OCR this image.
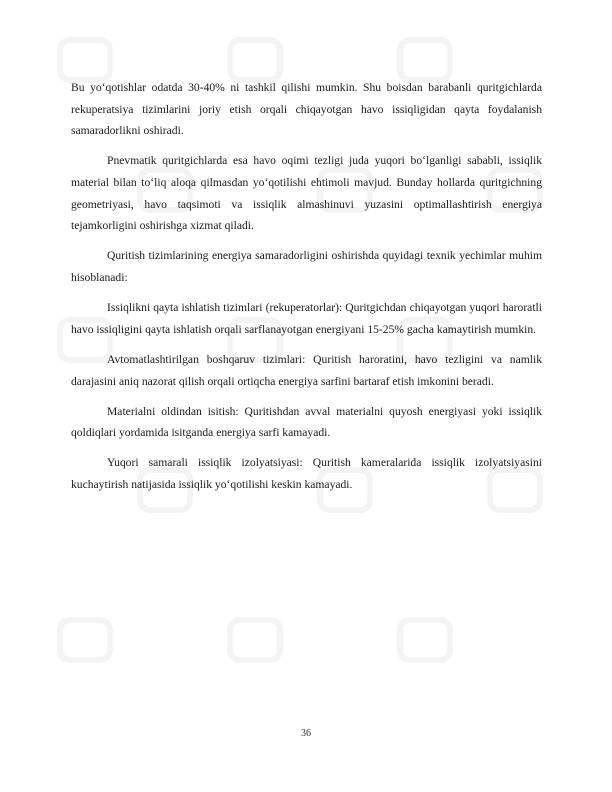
Bu yo‘qotishlar odatda 30-40% ni tashkil qilishi mumkin. Shu boisdan barabanli quritgichlarda rekuperatsiya tizimlarini joriy etish orqali chiqayotgan havo issiqligidan qayta foydalanish samaradorlikni oshiradi.

Pnevmatik quritgichlarda esa havo oqimi tezligi juda yuqori bo‘lganligi sababli, issiqlik material bilan to‘liq aloqa qilmasdan yo‘qotilishi ehtimoli mavjud. Bunday hollarda quritgichning geometriyasi, havo taqsimoti va issiqlik almashinuvi yuzasini optimallashtirish energiya tejamkorligini oshirishga xizmat qiladi.

Quritish tizimlarining energiya samaradorligini oshirishda quyidagi texnik yechimlar muhim hisoblanadi:

Issiqlikni qayta ishlatish tizimlari (rekuperatorlar): Quritgichdan chiqayotgan yuqori haroratli havo issiqligini qayta ishlatish orqali sarflanayotgan energiyani 15-25% gacha kamaytirish mumkin.

Avtomatlashtirilgan boshqaruv tizimlari: Quritish haroratini, havo tezligini va namlik darajasini aniq nazorat qilish orqali ortiqcha energiya sarfini bartaraf etish imkonini beradi.

Materialni oldindan isitish: Quritishdan avval materialni quyosh energiyasi yoki issiqlik qoldiqlari yordamida isitganda energiya sarfi kamayadi.

Yuqori samarali issiqlik izolyatsiyasi: Quritish kameralarida issiqlik izolyatsiyasini kuchaytirish natijasida issiqlik yo‘qotilishi keskin kamayadi.

36
